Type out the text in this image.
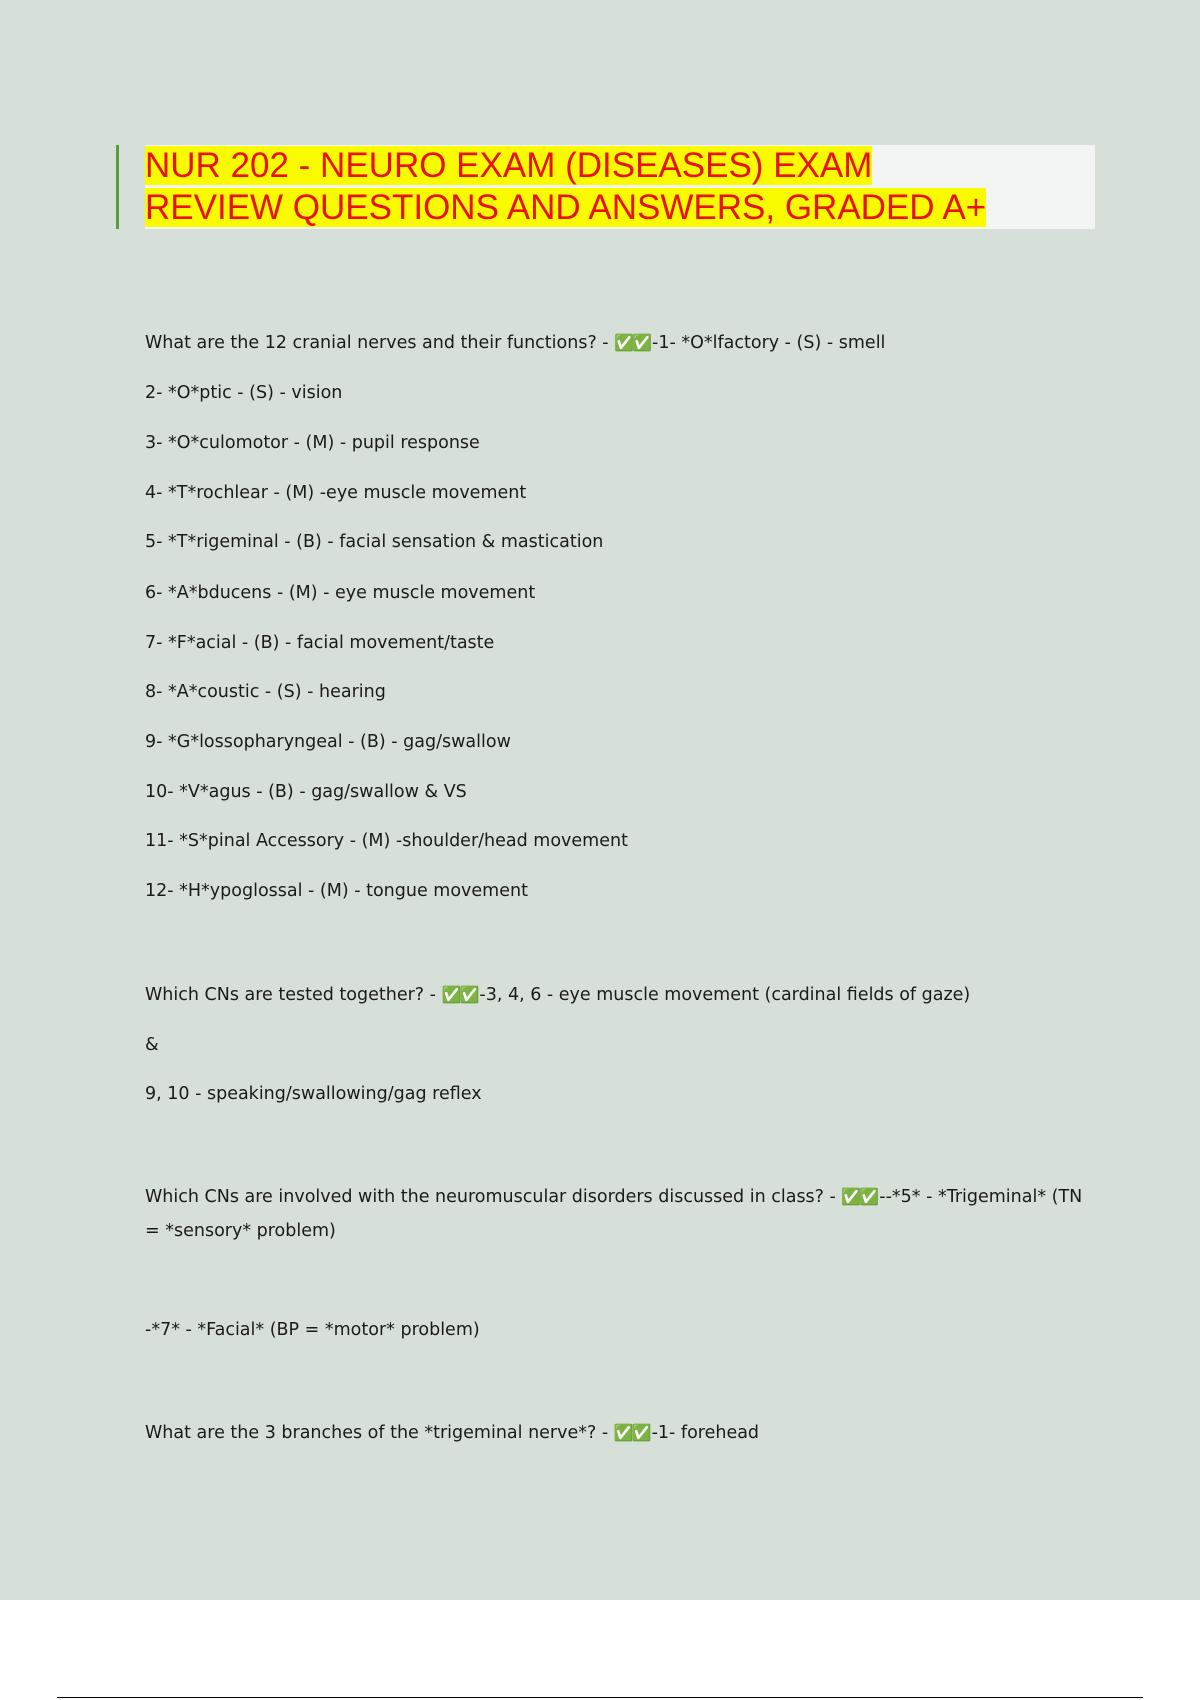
NUR 202 - NEURO EXAM (DISEASES) EXAM
REVIEW QUESTIONS AND ANSWERS, GRADED A+

What are the 12 cranial nerves and their functions? - ✅✅ -1- *O*lfactory - (S) - smell

2- *O*ptic - (S) - vision

3- *O*culomotor - (M) - pupil response

4- *T*rochlear - (M) -eye muscle movement

5- *T*rigeminal - (B) - facial sensation & mastication

6- *A*bducens - (M) - eye muscle movement

7- *F*acial - (B) - facial movement/taste

8- *A*coustic - (S) - hearing

9- *G*lossopharyngeal - (B) - gag/swallow

10- *V*agus - (B) - gag/swallow & VS

11- *S*pinal Accessory - (M) -shoulder/head movement

12- *H*ypoglossal - (M) - tongue movement

Which CNs are tested together? - ✅✅ -3, 4, 6 - eye muscle movement (cardinal fields of gaze)

&

9, 10 - speaking/swallowing/gag reflex

Which CNs are involved with the neuromuscular disorders discussed in class? - ✅✅ --*5* - *Trigeminal* (TN

= *sensory* problem)

-*7* - *Facial* (BP = *motor* problem)

What are the 3 branches of the *trigeminal nerve*? - ✅✅ -1- forehead
